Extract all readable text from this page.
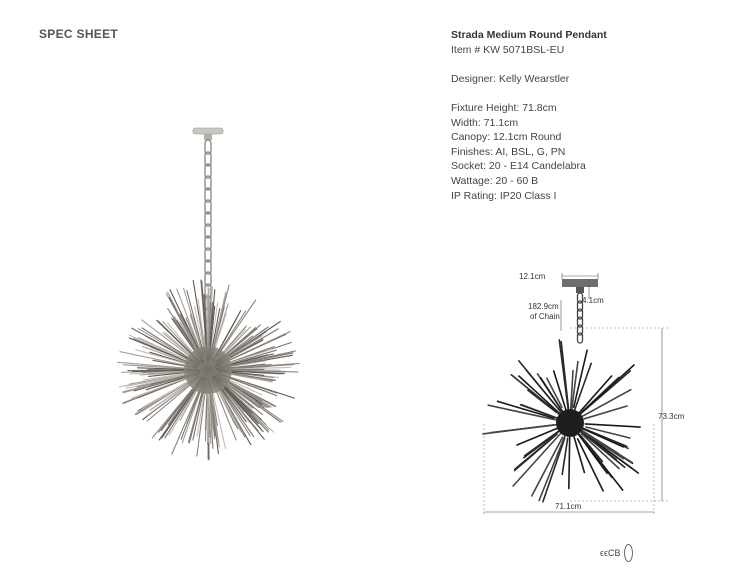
SPEC SHEET	Strada Medium Round Pendant
Item # KW 5071BSL-EU
Designer: Kelly Wearstler
Fixture Height: 71.8cm
Width: 71.1cm
Canopy: 12.1cm Round
Finishes: AI, BSL, G, PN
Socket: 20 - E14 Candelabra
Wattage: 20 - 60 B
IP Rating: IP20 Class I
12.1cm
4.1cm
182.9cm
of Chain
73.3cm
71.1cm
ϵϵCB
